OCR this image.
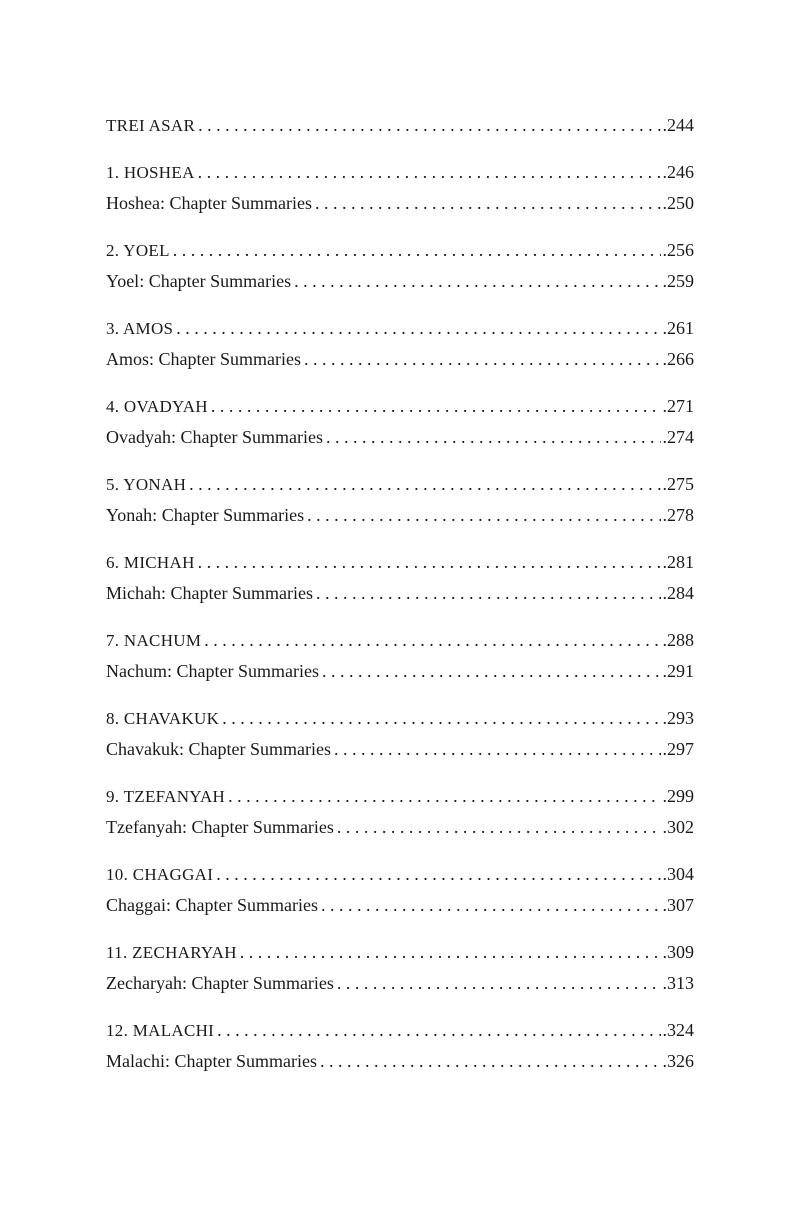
TREI ASAR . . .	.244
1. HOSHEA . . .	.246
Hoshea: Chapter Summaries . . .	.250
2. YOEL . . .	.256
Yoel: Chapter Summaries . . .	.259
3. AMOS . . .	.261
Amos: Chapter Summaries . . .	.266
4. OVADYAH . . .	.271
Ovadyah: Chapter Summaries . . .	.274
5. YONAH . . .	.275
Yonah: Chapter Summaries . . .	.278
6. MICHAH . . .	.281
Michah: Chapter Summaries . . .	.284
7. NACHUM . . .	.288
Nachum: Chapter Summaries . . .	.291
8. CHAVAKUK . . .	.293
Chavakuk: Chapter Summaries . . .	.297
9. TZEFANYAH . . .	.299
Tzefanyah: Chapter Summaries . . .	.302
10. CHAGGAI . . .	.304
Chaggai: Chapter Summaries . . .	.307
11. ZECHARYAH . . .	.309
Zecharyah: Chapter Summaries . . .	.313
12. MALACHI . . .	.324
Malachi: Chapter Summaries . . .	.326
